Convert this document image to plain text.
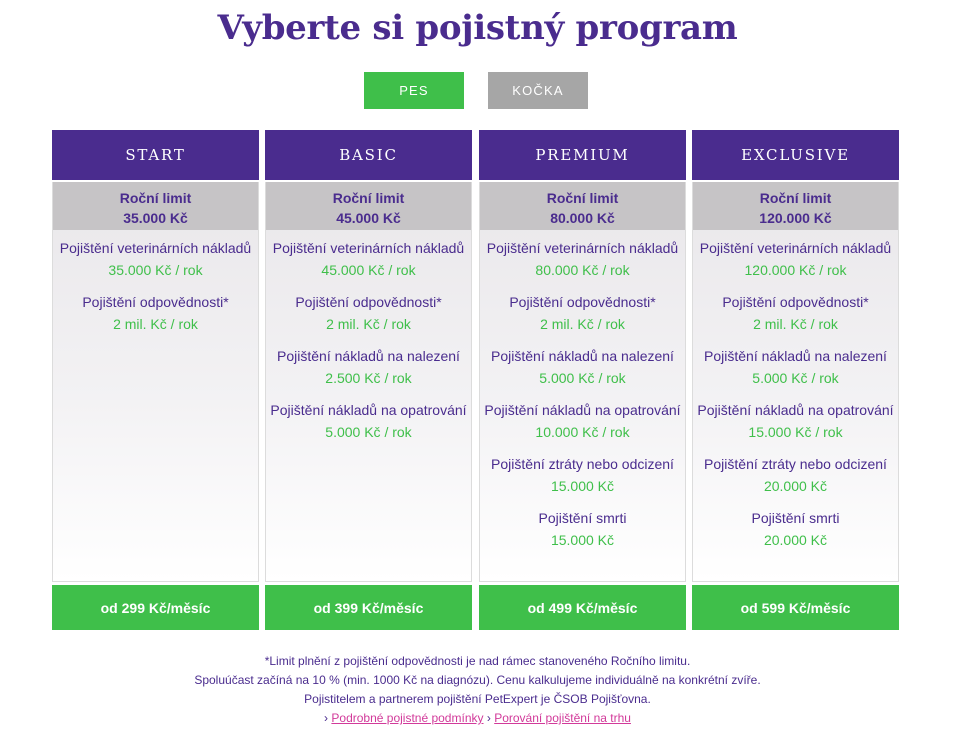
Vyberte si pojistný program
PES	KOČKA
START
Roční limit
35.000 Kč
Pojištění veterinárních nákladů
35.000 Kč / rok
Pojištění odpovědnosti*
2 mil. Kč / rok
BASIC
Roční limit
45.000 Kč
Pojištění veterinárních nákladů
45.000 Kč / rok
Pojištění odpovědnosti*
2 mil. Kč / rok
Pojištění nákladů na nalezení
2.500 Kč / rok
Pojištění nákladů na opatrování
5.000 Kč / rok
PREMIUM
Roční limit
80.000 Kč
Pojištění veterinárních nákladů
80.000 Kč / rok
Pojištění odpovědnosti*
2 mil. Kč / rok
Pojištění nákladů na nalezení
5.000 Kč / rok
Pojištění nákladů na opatrování
10.000 Kč / rok
Pojištění ztráty nebo odcizení
15.000 Kč
Pojištění smrti
15.000 Kč
EXCLUSIVE
Roční limit
120.000 Kč
Pojištění veterinárních nákladů
120.000 Kč / rok
Pojištění odpovědnosti*
2 mil. Kč / rok
Pojištění nákladů na nalezení
5.000 Kč / rok
Pojištění nákladů na opatrování
15.000 Kč / rok
Pojištění ztráty nebo odcizení
20.000 Kč
Pojištění smrti
20.000 Kč
od 299 Kč/měsíc	od 399 Kč/měsíc	od 499 Kč/měsíc	od 599 Kč/měsíc
*Limit plnění z pojištění odpovědnosti je nad rámec stanoveného Ročního limitu.
Spoluúčast začíná na 10 % (min. 1000 Kč na diagnózu). Cenu kalkulujeme individuálně na konkrétní zvíře.
Pojistitelem a partnerem pojištění PetExpert je ČSOB Pojišťovna.
› Podrobné pojistné podmínky › Porování pojištění na trhu
